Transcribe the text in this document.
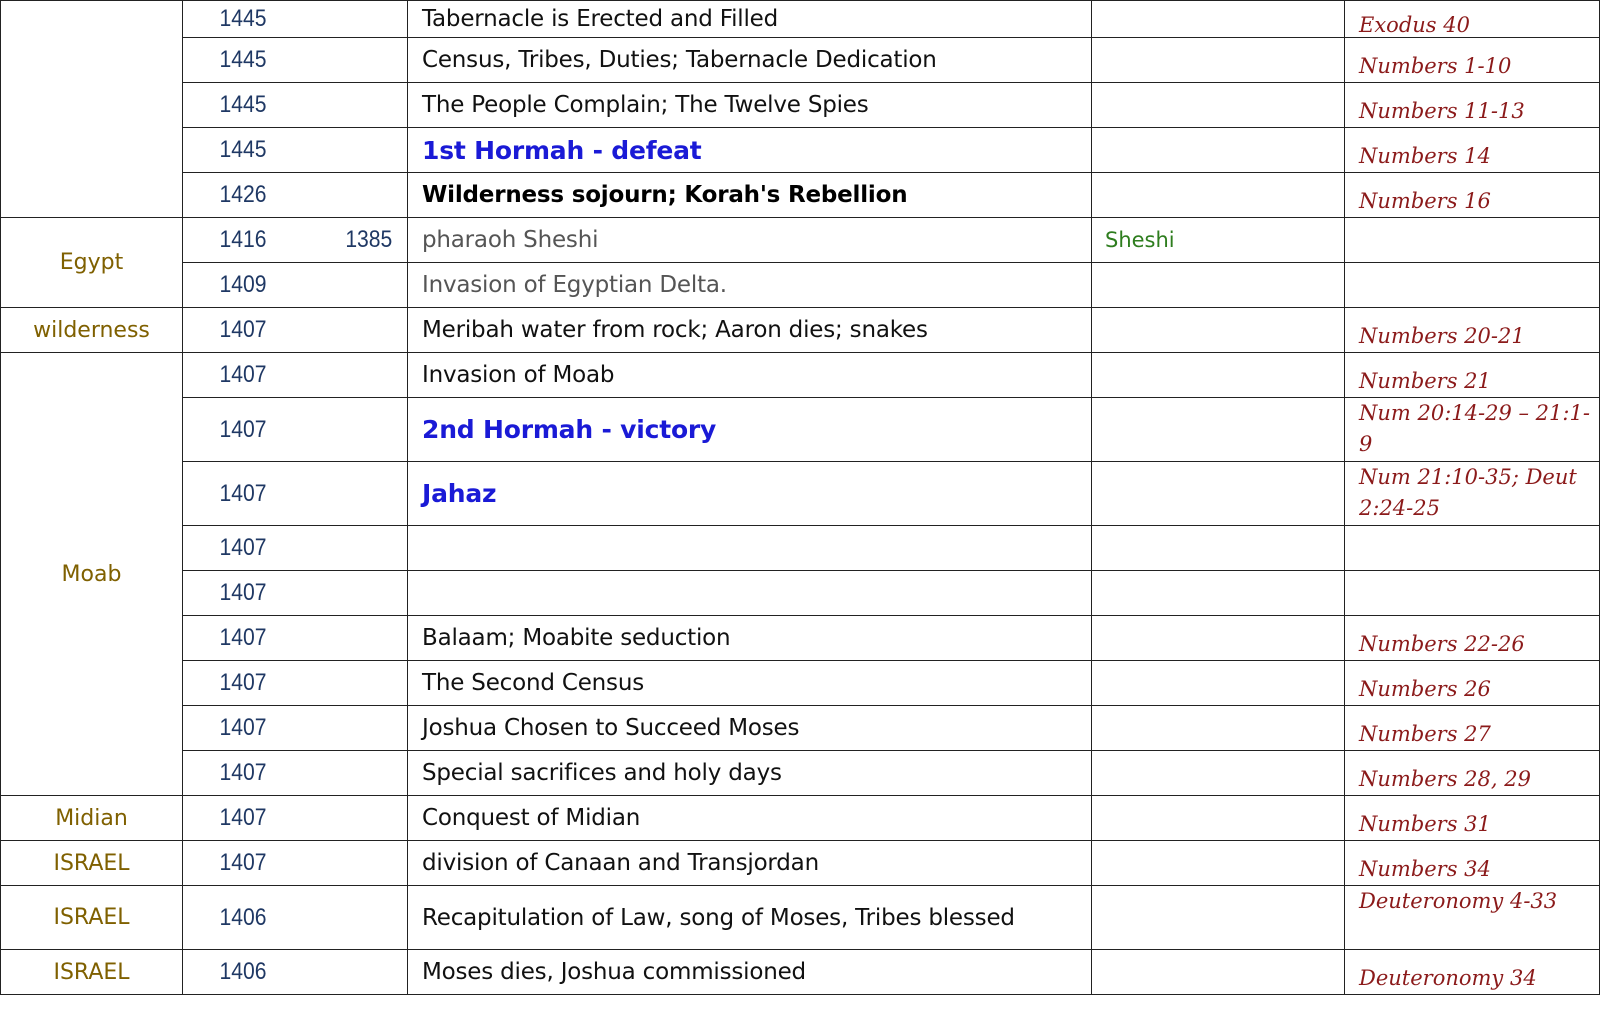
	1445	Tabernacle is Erected and Filled		Exodus 40
	1445	Census, Tribes, Duties; Tabernacle Dedication		Numbers 1-10
	1445	The People Complain; The Twelve Spies		Numbers 11-13
	1445	1st Hormah - defeat		Numbers 14
	1426	Wilderness sojourn; Korah's Rebellion		Numbers 16
Egypt	1416 1385	pharaoh Sheshi	Sheshi	
	1409	Invasion of Egyptian Delta.		
wilderness	1407	Meribah water from rock; Aaron dies; snakes		Numbers 20-21
Moab	1407	Invasion of Moab		Numbers 21
	1407	2nd Hormah - victory		Num 20:14-29 – 21:1-9
	1407	Jahaz		Num 21:10-35; Deut 2:24-25
	1407			
	1407			
	1407	Balaam; Moabite seduction		Numbers 22-26
	1407	The Second Census		Numbers 26
	1407	Joshua Chosen to Succeed Moses		Numbers 27
	1407	Special sacrifices and holy days		Numbers 28, 29
Midian	1407	Conquest of Midian		Numbers 31
ISRAEL	1407	division of Canaan and Transjordan		Numbers 34
ISRAEL	1406	Recapitulation of Law, song of Moses, Tribes blessed		Deuteronomy 4-33
ISRAEL	1406	Moses dies, Joshua commissioned		Deuteronomy 34
